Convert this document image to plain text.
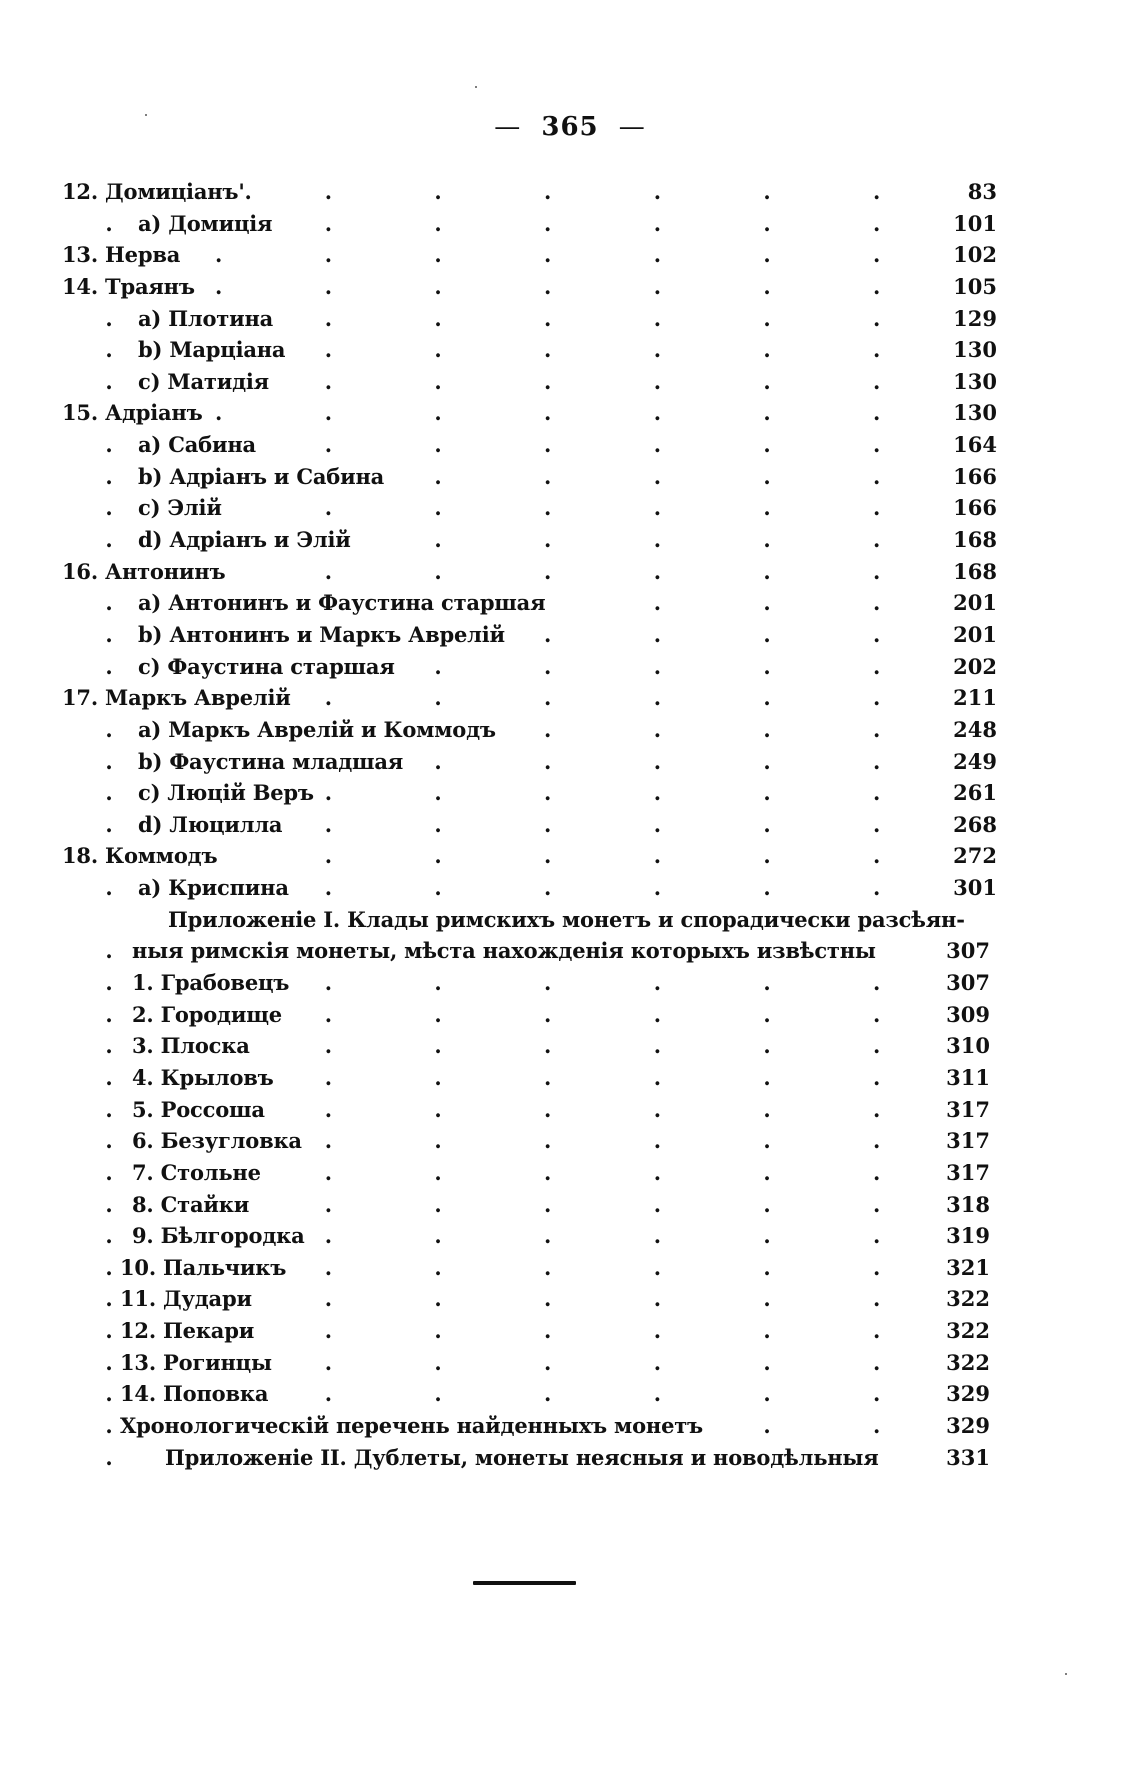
— 365 —
.
12. Домиціанъ'.	83
.
a) Домиція	101
.
13. Нерва	102
.
14. Траянъ	105
.
a) Плотина	129
.
b) Марціана	130
.
c) Матидія	130
.
15. Адріанъ	130
.
a) Сабина	164
.
b) Адріанъ и Сабина	166
.
c) Элій	166
.
d) Адріанъ и Элій	168
.
16. Антонинъ	168
.
a) Антонинъ и Фаустина старшая	201
.
b) Антонинъ и Маркъ Аврелій	201
.
c) Фаустина старшая	202
.
17. Маркъ Аврелій	211
.
a) Маркъ Аврелій и Коммодъ	248
.
b) Фаустина младшая	249
.
c) Люцій Веръ	261
.
d) Люцилла	268
.
18. Коммодъ	272
.
a) Криспина	301
Приложеніе I. Клады римскихъ монетъ и спорадически разсѣян-
.
ныя римскія монеты, мѣста нахожденія которыхъ извѣстны	307
.
1. Грабовецъ	307
.
2. Городище	309
.
3. Плоска	310
.
4. Крыловъ	311
.
5. Россоша	317
.
6. Безугловка	317
.
7. Стольне	317
.
8. Стайки	318
.
9. Бѣлгородка	319
.
10. Пальчикъ	321
.
11. Дудари	322
.
12. Пекари	322
.
13. Рогинцы	322
.
14. Поповка	329
.
Хронологическій перечень найденныхъ монетъ	329
.
Приложеніе II. Дублеты, монеты неясныя и новодѣльныя	331
